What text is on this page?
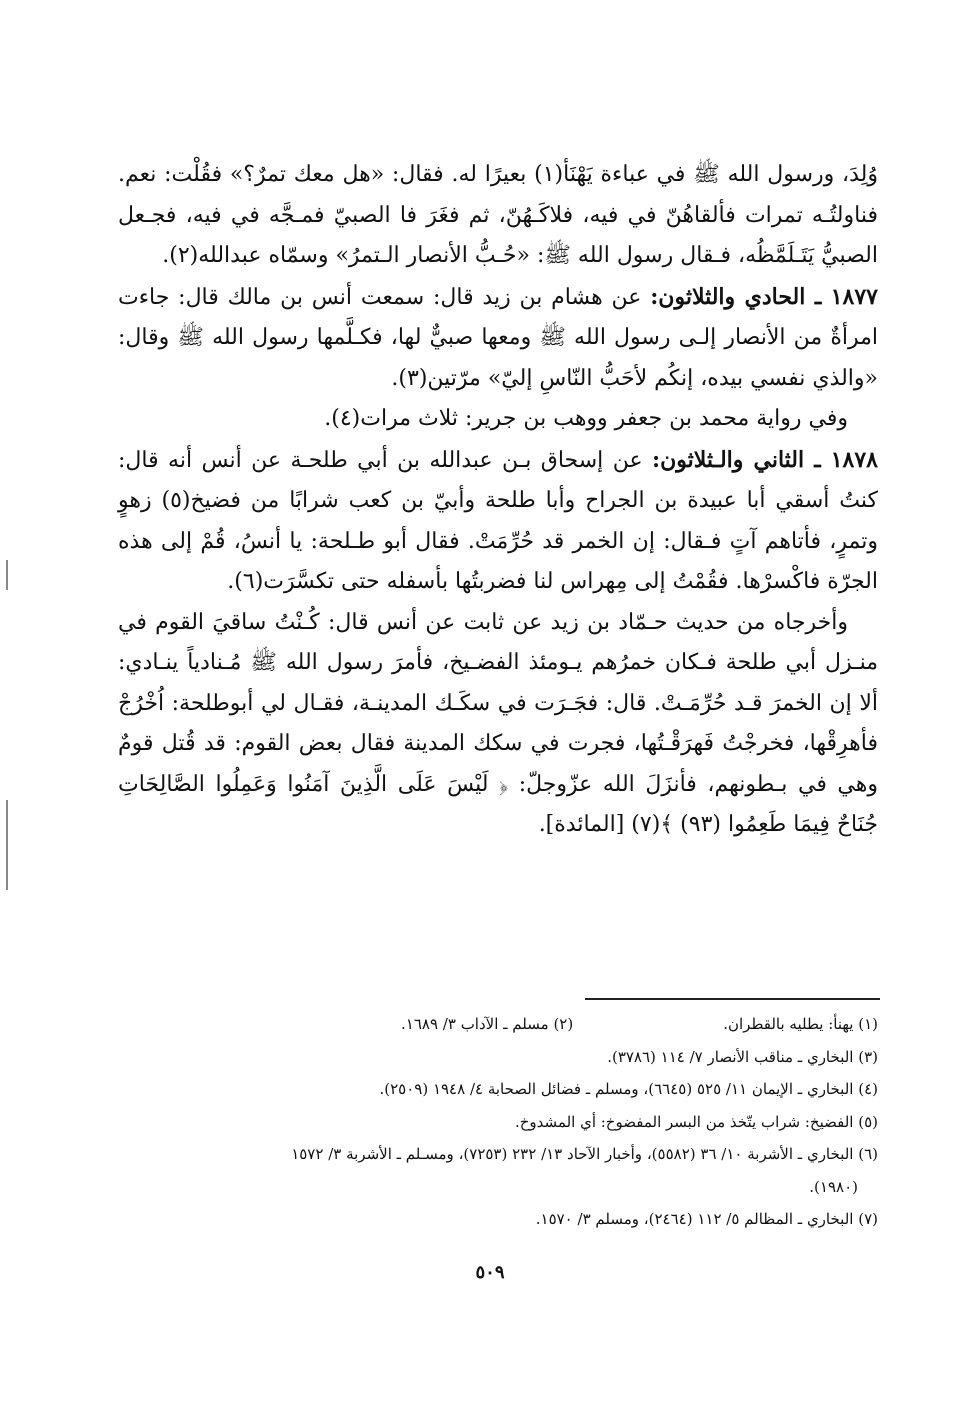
وُلِدَ، ورسول الله ﷺ في عباءة يَهْنَأ(١) بعيرًا له. فقال: «هل معك تمرٌ؟» فقُلْت: نعم. فناولتُـه تمرات فألقاهُنّ في فيه، فلاكَـهُنّ، ثم فغَرَ فا الصبيّ فمـجَّه في فيه، فجـعل الصبيُّ يَتَـلَمَّظُه، فـقال رسول الله ﷺ: «حُـبُّ الأنصار الـتمرُ» وسمّاه عبدالله(٢).

١٨٧٧ ـ الحادي والثلاثون: عن هشام بن زيد قال: سمعت أنس بن مالك قال: جاءت امرأةٌ من الأنصار إلـى رسول الله ﷺ ومعها صبيٌّ لها، فكـلَّمها رسول الله ﷺ وقال: «والذي نفسي بيده، إنكُم لأحَبُّ النّاسِ إليّ» مرّتين(٣).

وفي رواية محمد بن جعفر ووهب بن جرير: ثلاث مرات(٤).

١٨٧٨ ـ الثاني والـثلاثون: عن إسحاق بـن عبدالله بن أبي طلحـة عن أنس أنه قال: كنتُ أسقي أبا عبيدة بن الجراح وأبا طلحة وأبيّ بن كعب شرابًا من فضيخ(٥) زهوٍ وتمرٍ، فأتاهم آتٍ فـقال: إن الخمر قد حُرِّمَتْ. فقال أبو طـلحة: يا أنسُ، قُمْ إلى هذه الجرّة فاكْسرْها. فقُمْتُ إلى مِهراس لنا فضربتُها بأسفله حتى تكسَّرَت(٦).

وأخرجاه من حديث حـمّاد بن زيد عن ثابت عن أنس قال: كُـنْتُ ساقيَ القوم في منـزل أبي طلحة فـكان خمرُهم يـومئذ الفضـيخ، فأمرَ رسول الله ﷺ مُـنادياً ينـادي: ألا إن الخمرَ قـد حُرِّمَـتْ. قال: فجَـرَت في سكَـك المدينـة، فقـال لي أبوطلحة: اُخْرُجْ فأهرِقْها، فخرجْتُ فَهرَقْـتُها، فجرت في سكك المدينة فقال بعض القوم: قد قُتل قومٌ وهي في بـطونهم، فأنزَلَ الله عزّوجلّ: ﴿ لَيْسَ عَلَى الَّذِينَ آمَنُوا وَعَمِلُوا الصَّالِحَاتِ جُنَاحٌ فِيمَا طَعِمُوا (٩٣) ﴾(٧) [المائدة].

(١) يهنأ: يطليه بالقطران.
(٢) مسلم ـ الآداب ٣/ ١٦٨٩.

(٣) البخاري ـ مناقب الأنصار ٧/ ١١٤ (٣٧٨٦).

(٤) البخاري ـ الإيمان ١١/ ٥٢٥ (٦٦٤٥)، ومسلم ـ فضائل الصحابة ٤/ ١٩٤٨ (٢٥٠٩).

(٥) الفضيخ: شراب يتّخذ من البسر المفضوخ: أي المشدوخ.

(٦) البخاري ـ الأشربة ١٠/ ٣٦ (٥٥٨٢)، وأخبار الآحاد ١٣/ ٢٣٢ (٧٢٥٣)، ومسـلم ـ الأشربة ٣/ ١٥٧٢

(١٩٨٠).

(٧) البخاري ـ المظالم ٥/ ١١٢ (٢٤٦٤)، ومسلم ٣/ ١٥٧٠.

٥٠٩
